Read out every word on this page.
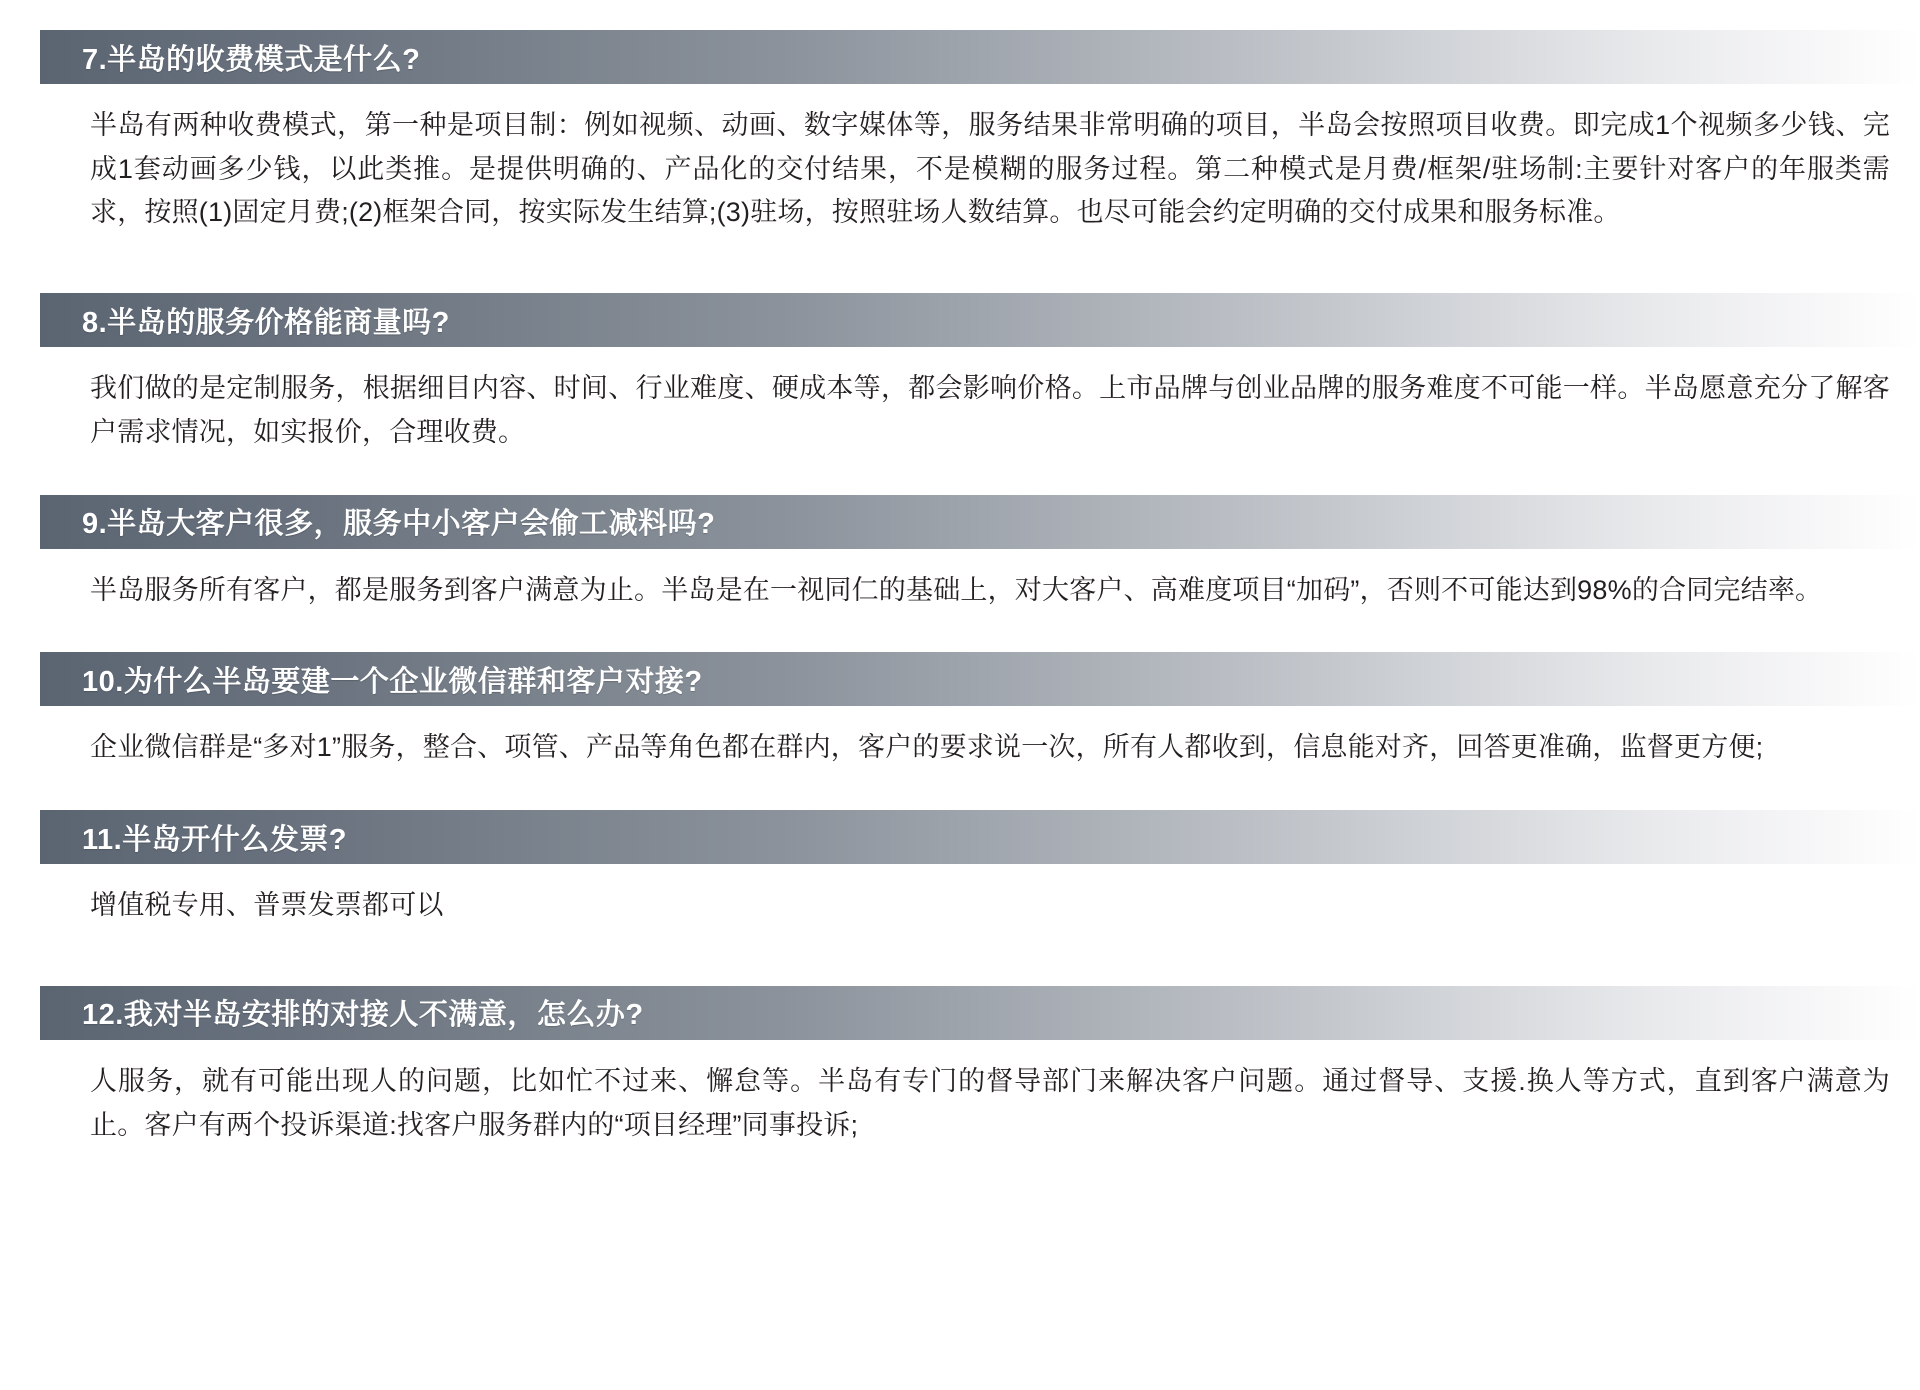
7.半岛的收费模式是什么?
半岛有两种收费模式，第一种是项目制：例如视频、动画、数字媒体等，服务结果非常明确的项目，半岛会按照项目收费。即完成1个视频多少钱、完成1套动画多少钱，以此类推。是提供明确的、产品化的交付结果，不是模糊的服务过程。第二种模式是月费/框架/驻场制:主要针对客户的年服类需求，按照(1)固定月费;(2)框架合同，按实际发生结算;(3)驻场，按照驻场人数结算。也尽可能会约定明确的交付成果和服务标准。
8.半岛的服务价格能商量吗?
我们做的是定制服务，根据细目内容、时间、行业难度、硬成本等，都会影响价格。上市品牌与创业品牌的服务难度不可能一样。半岛愿意充分了解客户需求情况，如实报价，合理收费。
9.半岛大客户很多，服务中小客户会偷工减料吗?
半岛服务所有客户，都是服务到客户满意为止。半岛是在一视同仁的基础上，对大客户、高难度项目“加码”，否则不可能达到98%的合同完结率。
10.为什么半岛要建一个企业微信群和客户对接?
企业微信群是“多对1”服务，整合、项管、产品等角色都在群内，客户的要求说一次，所有人都收到，信息能对齐，回答更准确，监督更方便;
11.半岛开什么发票?
增值税专用、普票发票都可以
12.我对半岛安排的对接人不满意，怎么办?
人服务，就有可能出现人的问题，比如忙不过来、懈怠等。半岛有专门的督导部门来解决客户问题。通过督导、支援.换人等方式，直到客户满意为止。客户有两个投诉渠道:找客户服务群内的“项目经理”同事投诉;
